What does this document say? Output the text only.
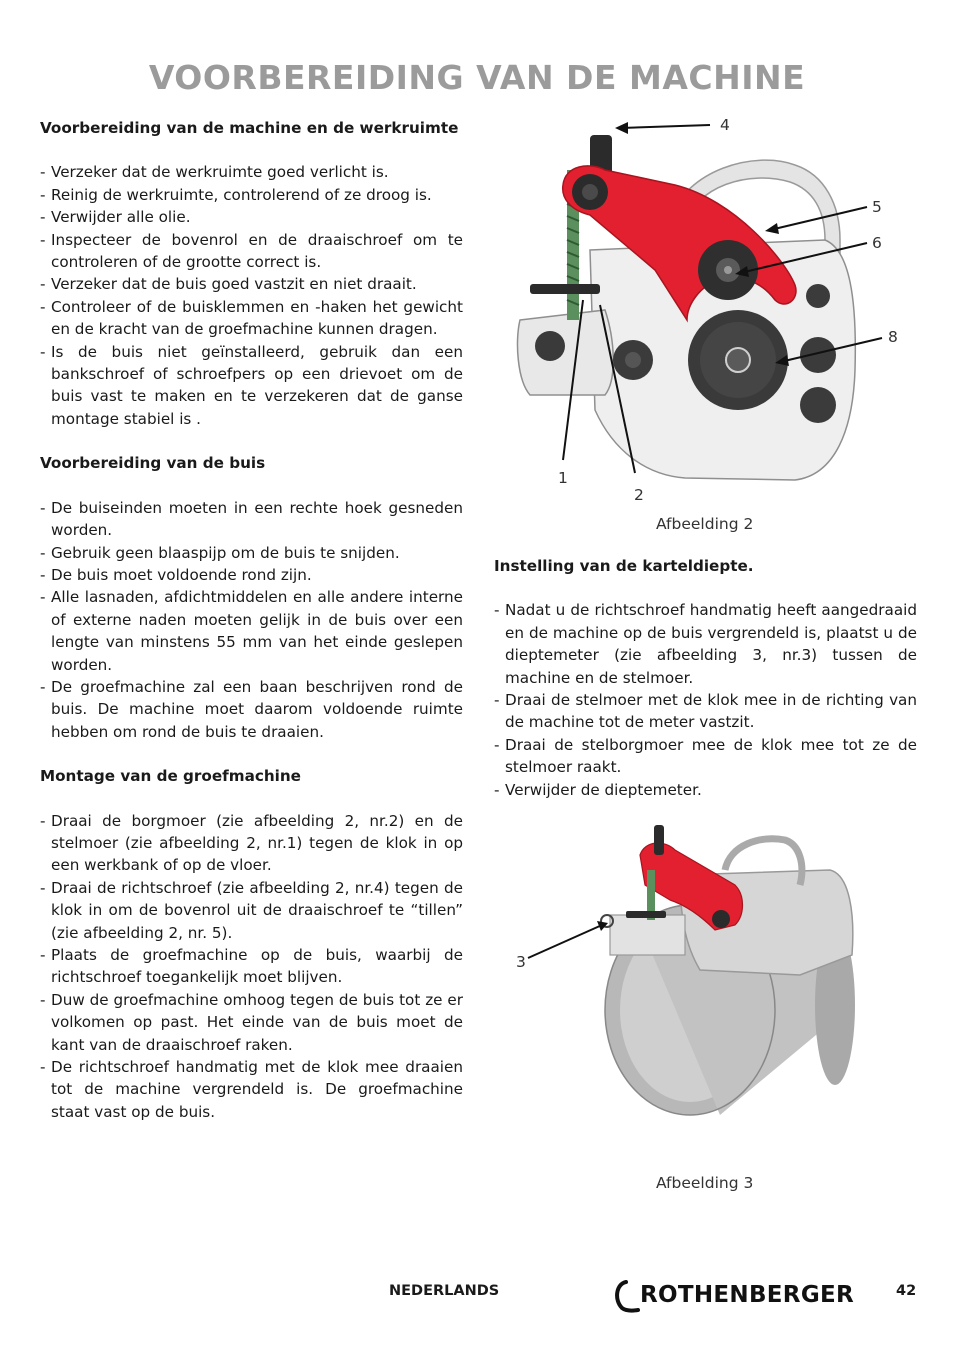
VOORBEREIDING VAN DE MACHINE
Voorbereiding van de machine en de werkruimte
- Verzeker dat de werkruimte goed verlicht is.
- Reinig de werkruimte, controlerend of ze droog is.
- Verwijder alle olie.
- Inspecteer de bovenrol en de draaischroef om te controleren of de grootte correct is.
- Verzeker dat de buis goed vastzit en niet draait.
- Controleer of de buisklemmen en -haken het gewicht en de kracht van de groefmachine kunnen dragen.
- Is de buis niet geïnstalleerd, gebruik dan een bankschroef of schroefpers op een drievoet om de buis vast te maken en te verzekeren dat de ganse montage stabiel is .
Voorbereiding van de buis
- De buiseinden moeten in een rechte hoek gesneden worden.
- Gebruik geen blaaspijp om de buis te snijden.
- De buis moet voldoende rond zijn.
- Alle lasnaden, afdichtmiddelen en alle andere interne of externe naden moeten gelijk in de buis over een lengte van minstens 55 mm van het einde geslepen worden.
- De groefmachine zal een baan beschrijven rond de buis. De machine moet daarom voldoende ruimte hebben om rond de buis te draaien.
Montage van de groefmachine
- Draai de borgmoer (zie afbeelding 2, nr.2) en de stelmoer (zie afbeelding 2, nr.1) tegen de klok in op een werkbank of op de vloer.
- Draai de richtschroef (zie afbeelding 2, nr.4) tegen de klok in om de bovenrol uit de draaischroef te “tillen” (zie afbeelding 2, nr. 5).
- Plaats de groefmachine op de buis, waarbij de richtschroef toegankelijk moet blijven.
- Duw de groefmachine omhoog tegen de buis tot ze er volkomen op past. Het einde van de buis moet de kant van de draaischroef raken.
- De richtschroef handmatig met de klok mee draaien tot de machine vergrendeld is. De groefmachine staat vast op de buis.
4
5
6
8
1
2
Afbeelding 2
Instelling van de karteldiepte.
- Nadat u de richtschroef handmatig heeft aangedraaid en de machine op de buis vergrendeld is, plaatst u de dieptemeter (zie afbeelding 3, nr.3) tussen de machine en de stelmoer.
- Draai de stelmoer met de klok mee in de richting van de machine tot de meter vastzit.
- Draai de stelborgmoer mee de klok mee tot ze de stelmoer raakt.
- Verwijder de dieptemeter.
3
Afbeelding 3
NEDERLANDS	ROTHENBERGER	42
